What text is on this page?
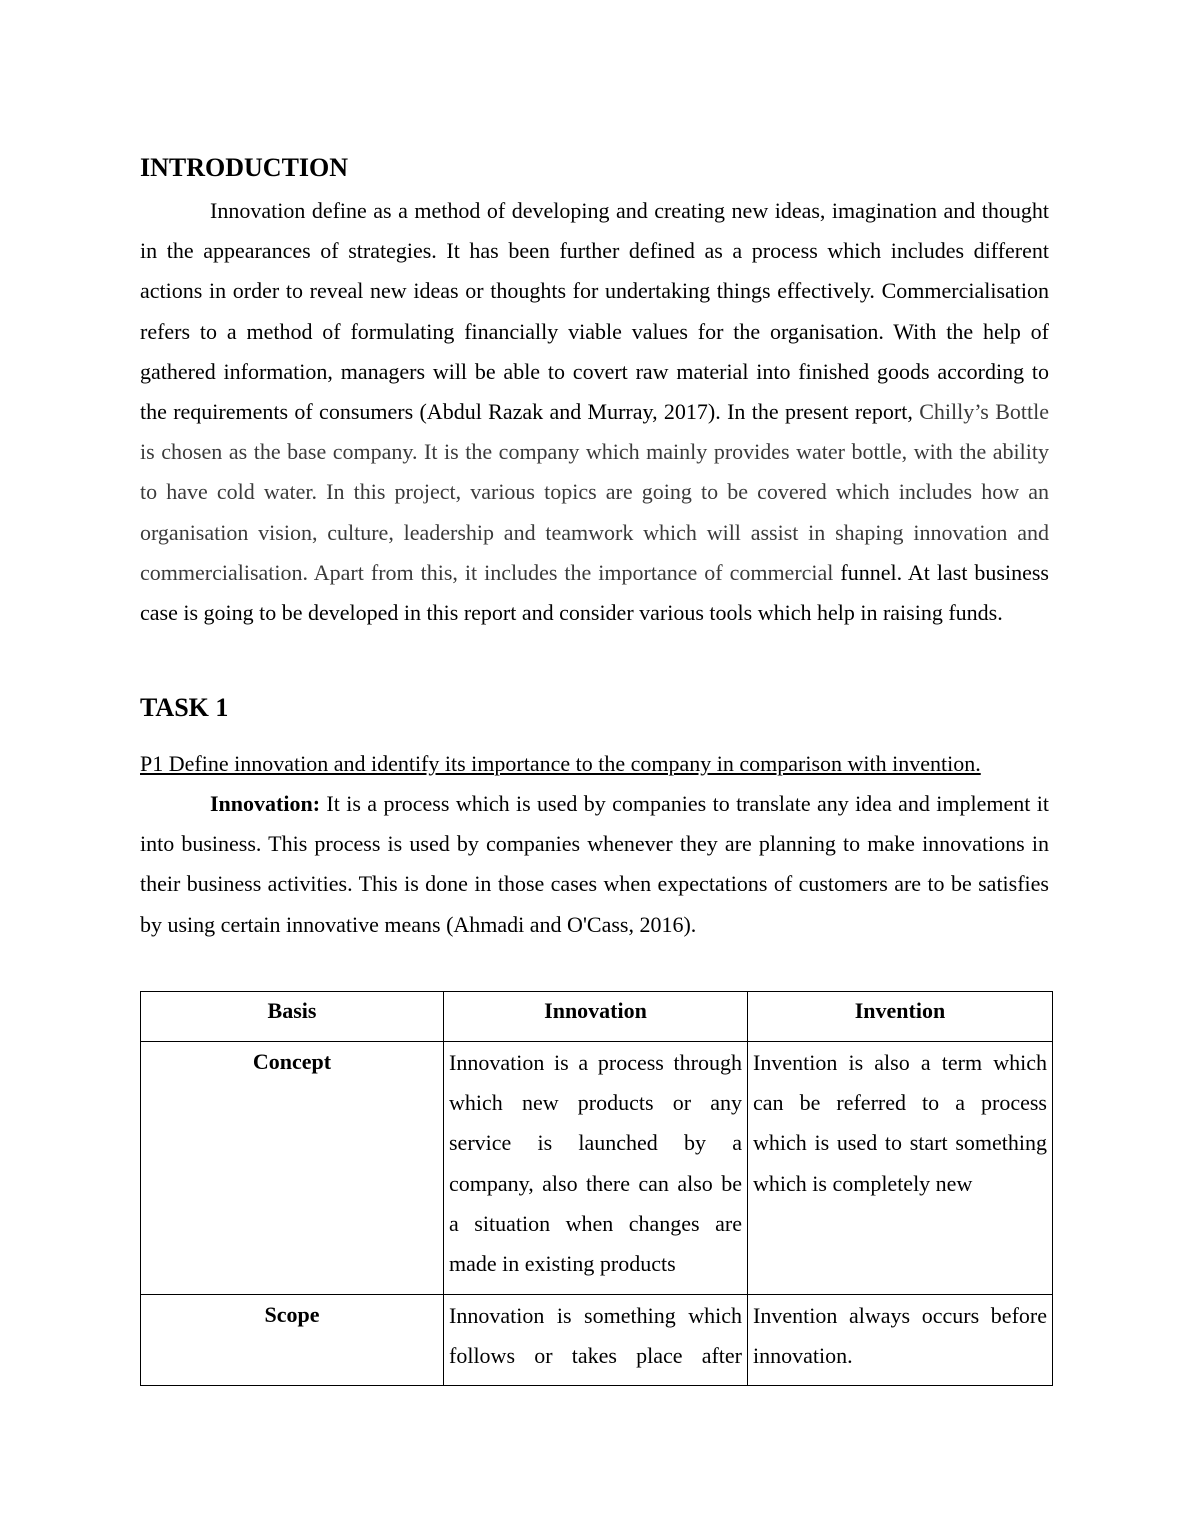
INTRODUCTION

Innovation define as a method of developing and creating new ideas, imagination and thought in the appearances of strategies. It has been further defined as a process which includes different actions in order to reveal new ideas or thoughts for undertaking things effectively. Commercialisation refers to a method of formulating financially viable values for the organisation. With the help of gathered information, managers will be able to covert raw material into finished goods according to the requirements of consumers (Abdul Razak and Murray, 2017). In the present report, Chilly’s Bottle is chosen as the base company. It is the company which mainly provides water bottle, with the ability to have cold water. In this project, various topics are going to be covered which includes how an organisation vision, culture, leadership and teamwork which will assist in shaping innovation and commercialisation. Apart from this, it includes the importance of commercial funnel. At last business case is going to be developed in this report and consider various tools which help in raising funds.

TASK 1

P1 Define innovation and identify its importance to the company in comparison with invention.

Innovation: It is a process which is used by companies to translate any idea and implement it into business. This process is used by companies whenever they are planning to make innovations in their business activities. This is done in those cases when expectations of customers are to be satisfies by using certain innovative means (Ahmadi and O'Cass, 2016).

Basis	Innovation	Invention
Concept	Innovation is a process through which new products or any service is launched by a company, also there can also be a situation when changes are made in existing products	Invention is also a term which can be referred to a process which is used to start something which is completely new

Scope	Innovation is something which follows or takes place after	Invention always occurs before innovation.
